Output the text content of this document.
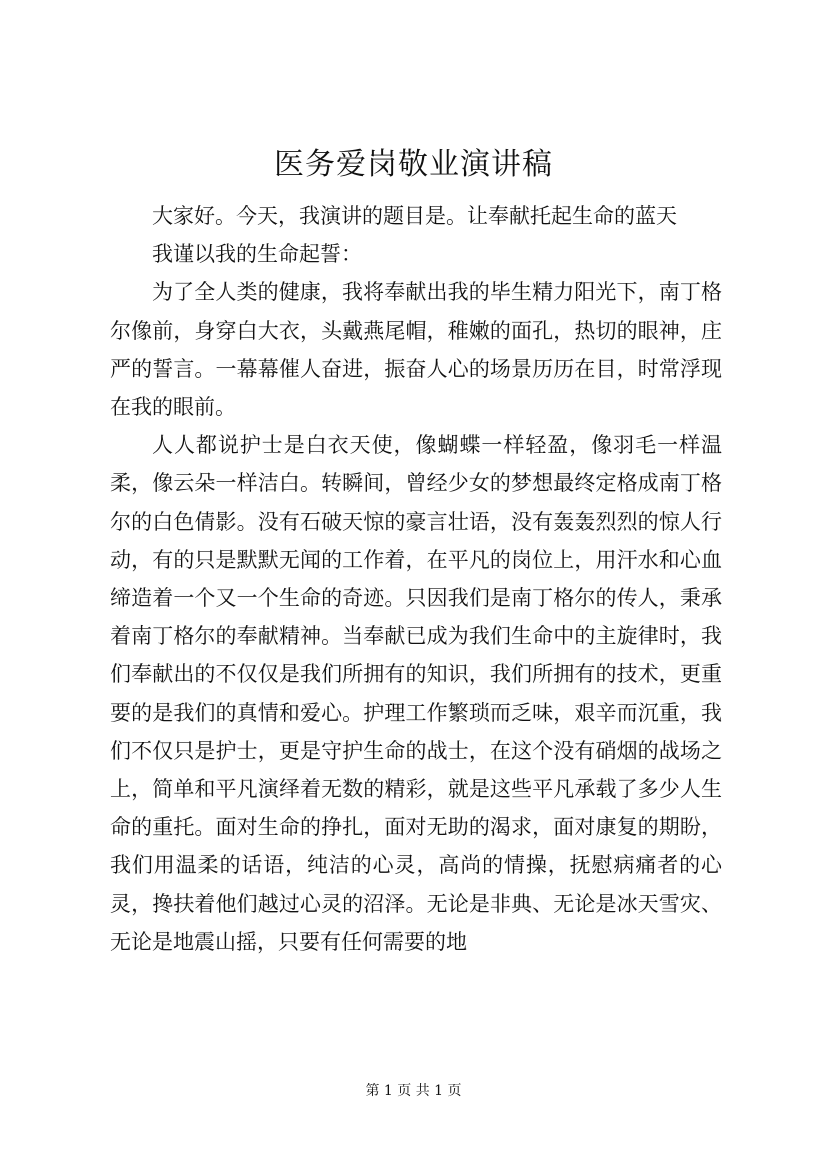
医务爱岗敬业演讲稿

大家好。今天，我演讲的题目是。让奉献托起生命的蓝天

我谨以我的生命起誓：

为了全人类的健康，我将奉献出我的毕生精力阳光下，南丁格尔像前，身穿白大衣，头戴燕尾帽，稚嫩的面孔，热切的眼神，庄严的誓言。一幕幕催人奋进，振奋人心的场景历历在目，时常浮现在我的眼前。

人人都说护士是白衣天使，像蝴蝶一样轻盈，像羽毛一样温柔，像云朵一样洁白。转瞬间，曾经少女的梦想最终定格成南丁格尔的白色倩影。没有石破天惊的豪言壮语，没有轰轰烈烈的惊人行动，有的只是默默无闻的工作着，在平凡的岗位上，用汗水和心血缔造着一个又一个生命的奇迹。只因我们是南丁格尔的传人，秉承着南丁格尔的奉献精神。当奉献已成为我们生命中的主旋律时，我们奉献出的不仅仅是我们所拥有的知识，我们所拥有的技术，更重要的是我们的真情和爱心。护理工作繁琐而乏味，艰辛而沉重，我们不仅只是护士，更是守护生命的战士，在这个没有硝烟的战场之上，简单和平凡演绎着无数的精彩，就是这些平凡承载了多少人生命的重托。面对生命的挣扎，面对无助的渴求，面对康复的期盼，我们用温柔的话语，纯洁的心灵，高尚的情操，抚慰病痛者的心灵，搀扶着他们越过心灵的沼泽。无论是非典、无论是冰天雪灾、无论是地震山摇，只要有任何需要的地

第 1 页 共 1 页
